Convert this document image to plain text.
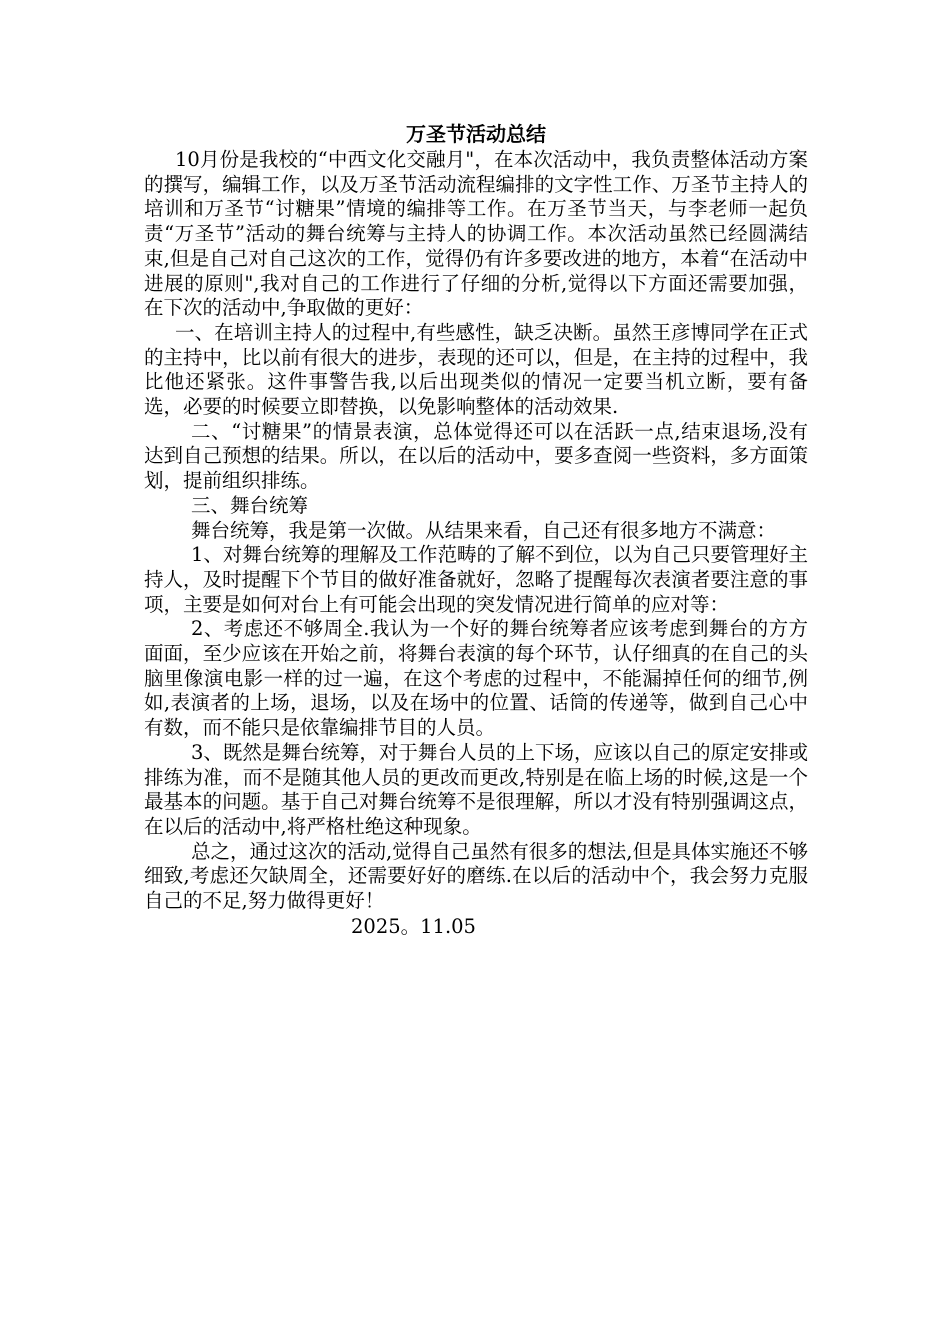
万圣节活动总结

10月份是我校的“中西文化交融月"，在本次活动中，我负责整体活动方案的撰写，编辑工作，以及万圣节活动流程编排的文字性工作、万圣节主持人的培训和万圣节“讨糖果”情境的编排等工作。在万圣节当天，与李老师一起负责“万圣节”活动的舞台统筹与主持人的协调工作。本次活动虽然已经圆满结束,但是自己对自己这次的工作，觉得仍有许多要改进的地方，本着“在活动中进展的原则",我对自己的工作进行了仔细的分析,觉得以下方面还需要加强，在下次的活动中,争取做的更好：

一、在培训主持人的过程中,有些感性，缺乏决断。虽然王彦博同学在正式的主持中，比以前有很大的进步，表现的还可以，但是，在主持的过程中，我比他还紧张。这件事警告我,以后出现类似的情况一定要当机立断，要有备选，必要的时候要立即替换，以免影响整体的活动效果.

二、“讨糖果”的情景表演，总体觉得还可以在活跃一点,结束退场,没有达到自己预想的结果。所以，在以后的活动中，要多查阅一些资料，多方面策划，提前组织排练。

三、舞台统筹

舞台统筹，我是第一次做。从结果来看，自己还有很多地方不满意：

1、对舞台统筹的理解及工作范畴的了解不到位，以为自己只要管理好主持人，及时提醒下个节目的做好准备就好，忽略了提醒每次表演者要注意的事项，主要是如何对台上有可能会出现的突发情况进行简单的应对等：

2、考虑还不够周全.我认为一个好的舞台统筹者应该考虑到舞台的方方面面，至少应该在开始之前，将舞台表演的每个环节，认仔细真的在自己的头脑里像演电影一样的过一遍，在这个考虑的过程中，不能漏掉任何的细节,例如,表演者的上场，退场，以及在场中的位置、话筒的传递等，做到自己心中有数，而不能只是依靠编排节目的人员。

3、既然是舞台统筹，对于舞台人员的上下场，应该以自己的原定安排或排练为准，而不是随其他人员的更改而更改,特别是在临上场的时候,这是一个最基本的问题。基于自己对舞台统筹不是很理解，所以才没有特别强调这点，在以后的活动中,将严格杜绝这种现象。

总之，通过这次的活动,觉得自己虽然有很多的想法,但是具体实施还不够细致,考虑还欠缺周全，还需要好好的磨练.在以后的活动中个，我会努力克服自己的不足,努力做得更好！

2025。11.05
